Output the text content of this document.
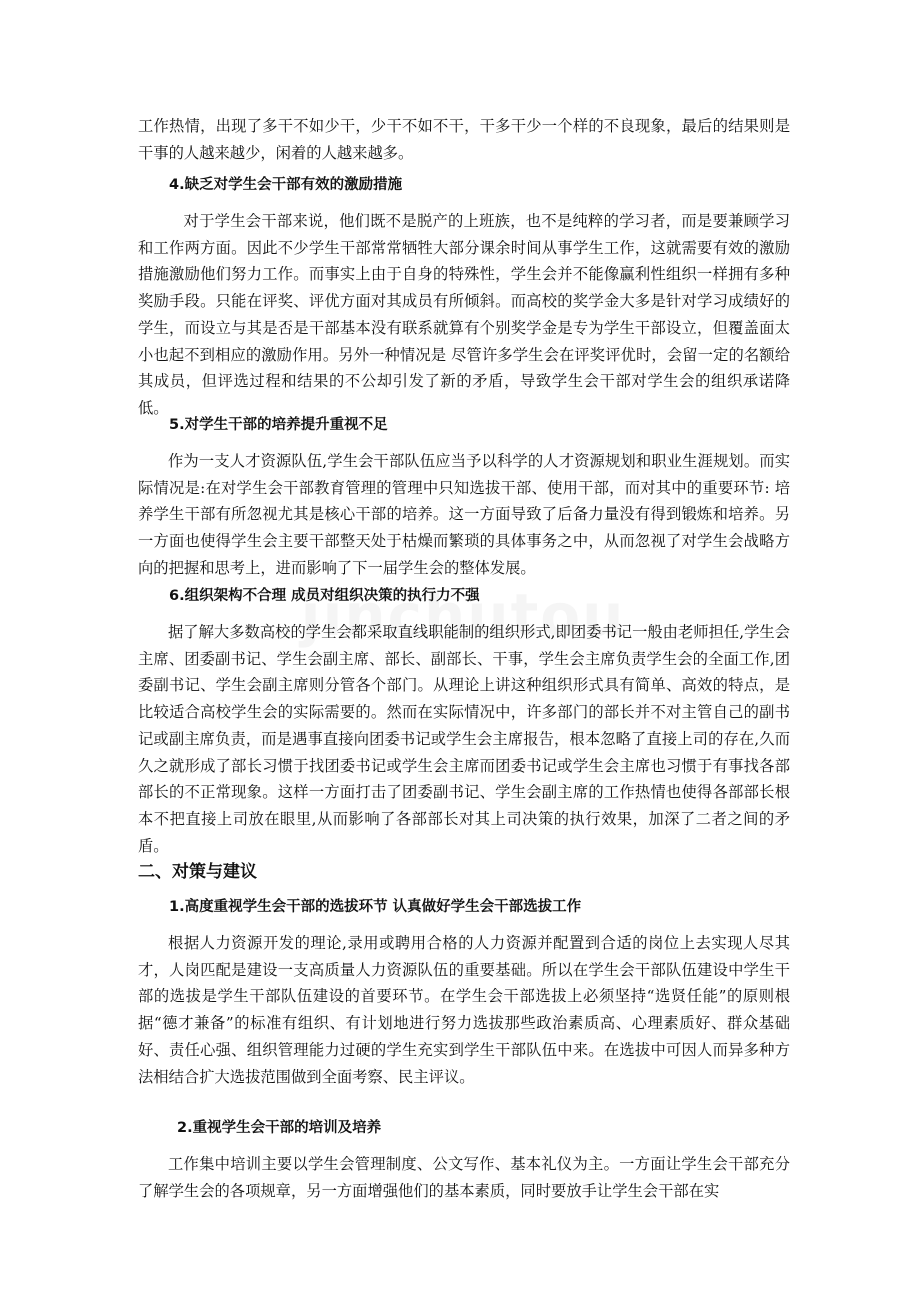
工作热情，出现了多干不如少干，少干不如不干，干多干少一个样的不良现象，最后的结果则是干事的人越来越少，闲着的人越来越多。

4.缺乏对学生会干部有效的激励措施

　对于学生会干部来说，他们既不是脱产的上班族，也不是纯粹的学习者，而是要兼顾学习和工作两方面。因此不少学生干部常常牺牲大部分课余时间从事学生工作，这就需要有效的激励措施激励他们努力工作。而事实上由于自身的特殊性，学生会并不能像赢利性组织一样拥有多种奖励手段。只能在评奖、评优方面对其成员有所倾斜。而高校的奖学金大多是针对学习成绩好的学生，而设立与其是否是干部基本没有联系就算有个别奖学金是专为学生干部设立，但覆盖面太小也起不到相应的激励作用。另外一种情况是 尽管许多学生会在评奖评优时，会留一定的名额给其成员，但评选过程和结果的不公却引发了新的矛盾，导致学生会干部对学生会的组织承诺降低。

5.对学生干部的培养提升重视不足

作为一支人才资源队伍,学生会干部队伍应当予以科学的人才资源规划和职业生涯规划。而实际情况是:在对学生会干部教育管理的管理中只知选拔干部、使用干部，而对其中的重要环节: 培养学生干部有所忽视尤其是核心干部的培养。这一方面导致了后备力量没有得到锻炼和培养。另一方面也使得学生会主要干部整天处于枯燥而繁琐的具体事务之中，从而忽视了对学生会战略方向的把握和思考上，进而影响了下一届学生会的整体发展。

6.组织架构不合理 成员对组织决策的执行力不强

据了解大多数高校的学生会都采取直线职能制的组织形式,即团委书记一般由老师担任,学生会主席、团委副书记、学生会副主席、部长、副部长、干事，学生会主席负责学生会的全面工作,团委副书记、学生会副主席则分管各个部门。从理论上讲这种组织形式具有简单、高效的特点，是比较适合高校学生会的实际需要的。然而在实际情况中，许多部门的部长并不对主管自己的副书记或副主席负责，而是遇事直接向团委书记或学生会主席报告，根本忽略了直接上司的存在,久而久之就形成了部长习惯于找团委书记或学生会主席而团委书记或学生会主席也习惯于有事找各部部长的不正常现象。这样一方面打击了团委副书记、学生会副主席的工作热情也使得各部部长根本不把直接上司放在眼里,从而影响了各部部长对其上司决策的执行效果，加深了二者之间的矛盾。

二、对策与建议

1.高度重视学生会干部的选拔环节 认真做好学生会干部选拔工作

根据人力资源开发的理论,录用或聘用合格的人力资源并配置到合适的岗位上去实现人尽其才，人岗匹配是建设一支高质量人力资源队伍的重要基础。所以在学生会干部队伍建设中学生干部的选拔是学生干部队伍建设的首要环节。在学生会干部选拔上必须坚持“选贤任能”的原则根据“德才兼备”的标准有组织、有计划地进行努力选拔那些政治素质高、心理素质好、群众基础好、责任心强、组织管理能力过硬的学生充实到学生干部队伍中来。在选拔中可因人而异多种方法相结合扩大选拔范围做到全面考察、民主评议。

2.重视学生会干部的培训及培养

工作集中培训主要以学生会管理制度、公文写作、基本礼仪为主。一方面让学生会干部充分了解学生会的各项规章，另一方面增强他们的基本素质，同时要放手让学生会干部在实
